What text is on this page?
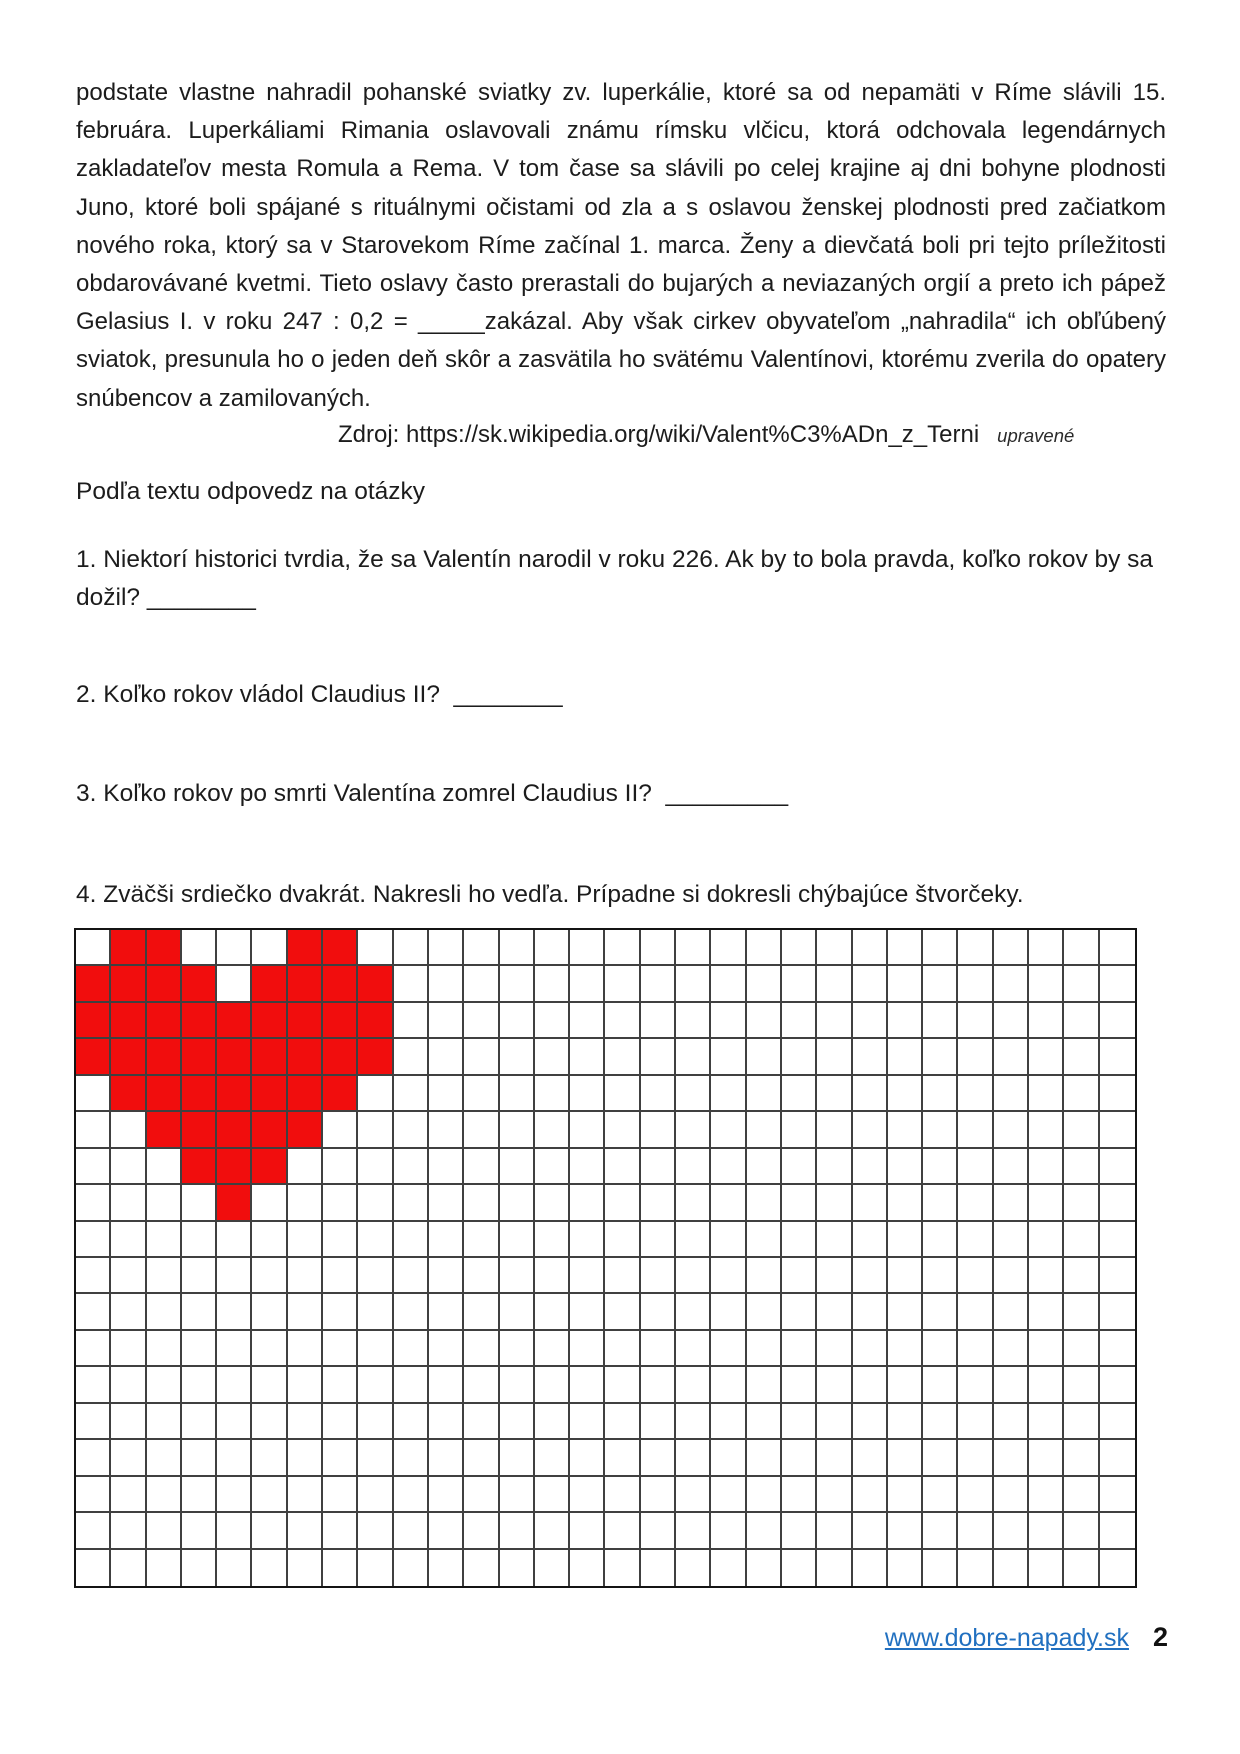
podstate vlastne nahradil pohanské sviatky zv. luperkálie, ktoré sa od nepamäti v Ríme slávili 15. februára. Luperkáliami Rimania oslavovali známu rímsku vlčicu, ktorá odchovala legendárnych zakladateľov mesta Romula a Rema. V tom čase sa slávili po celej krajine aj dni bohyne plodnosti Juno, ktoré boli spájané s rituálnymi očistami od zla a s oslavou ženskej plodnosti pred začiatkom nového roka, ktorý sa v Starovekom Ríme začínal 1. marca. Ženy a dievčatá boli pri tejto príležitosti obdarovávané kvetmi. Tieto oslavy často prerastali do bujarých a neviazaných orgií a preto ich pápež Gelasius I. v roku 247 : 0,2 = _____zakázal. Aby však cirkev obyvateľom „nahradila“ ich obľúbený sviatok, presunula ho o jeden deň skôr a zasvätila ho svätému Valentínovi, ktorému zverila do opatery snúbencov a zamilovaných.
Zdroj: https://sk.wikipedia.org/wiki/Valent%C3%ADn_z_Terni upravené
Podľa textu odpovedz na otázky
1. Niektorí historici tvrdia, že sa Valentín narodil v roku 226. Ak by to bola pravda, koľko rokov by sa dožil? ________
2. Koľko rokov vládol Claudius II?  ________
3. Koľko rokov po smrti Valentína zomrel Claudius II?  _________
4. Zväčši srdiečko dvakrát. Nakresli ho vedľa. Prípadne si dokresli chýbajúce štvorčeky.
www.dobre-napady.sk 2
